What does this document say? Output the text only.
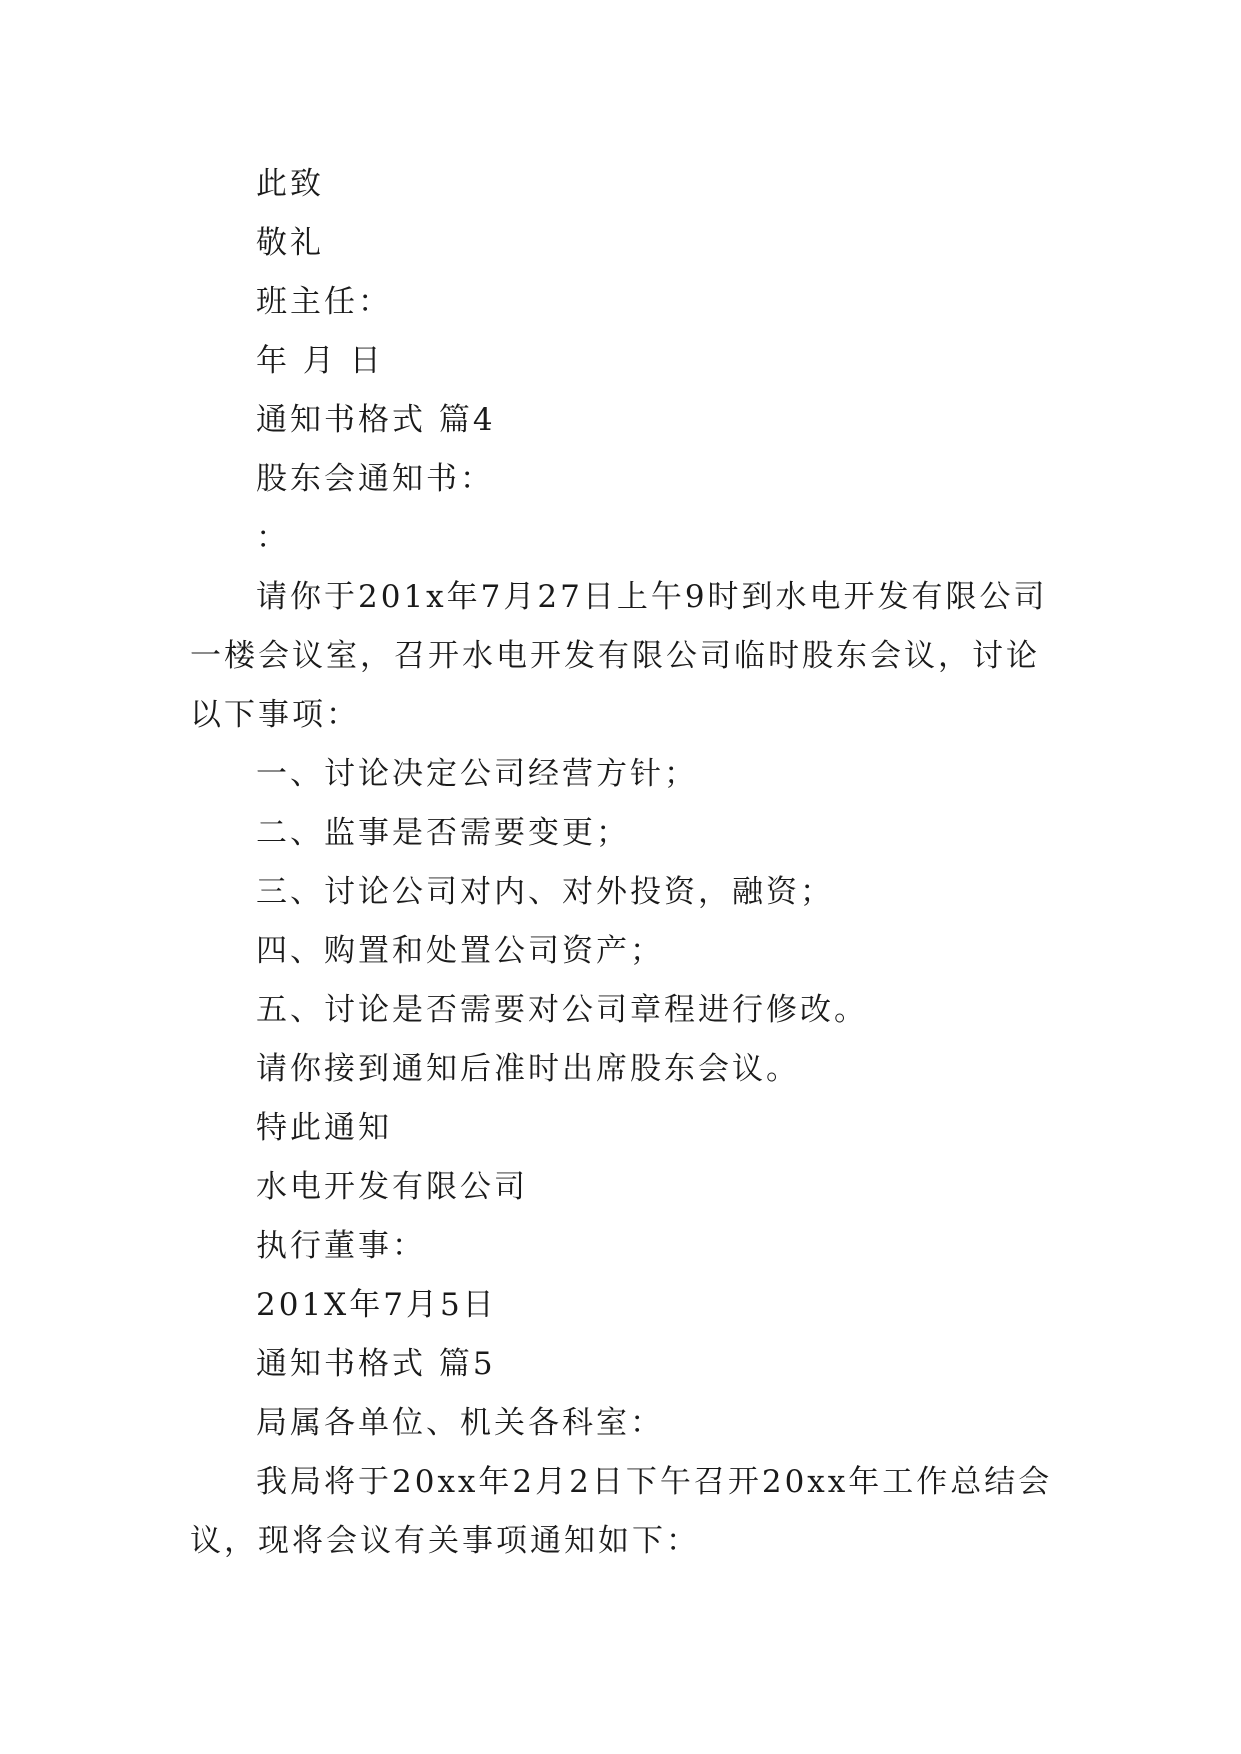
此致
敬礼
班主任：
年 月 日
通知书格式 篇4
股东会通知书：
：
请你于201x年7月27日上午9时到水电开发有限公司一楼会议室，召开水电开发有限公司临时股东会议，讨论以下事项：
一、讨论决定公司经营方针；
二、监事是否需要变更；
三、讨论公司对内、对外投资，融资；
四、购置和处置公司资产；
五、讨论是否需要对公司章程进行修改。
请你接到通知后准时出席股东会议。
特此通知
水电开发有限公司
执行董事：
201X年7月5日
通知书格式 篇5
局属各单位、机关各科室：
我局将于20xx年2月2日下午召开20xx年工作总结会议，现将会议有关事项通知如下：
